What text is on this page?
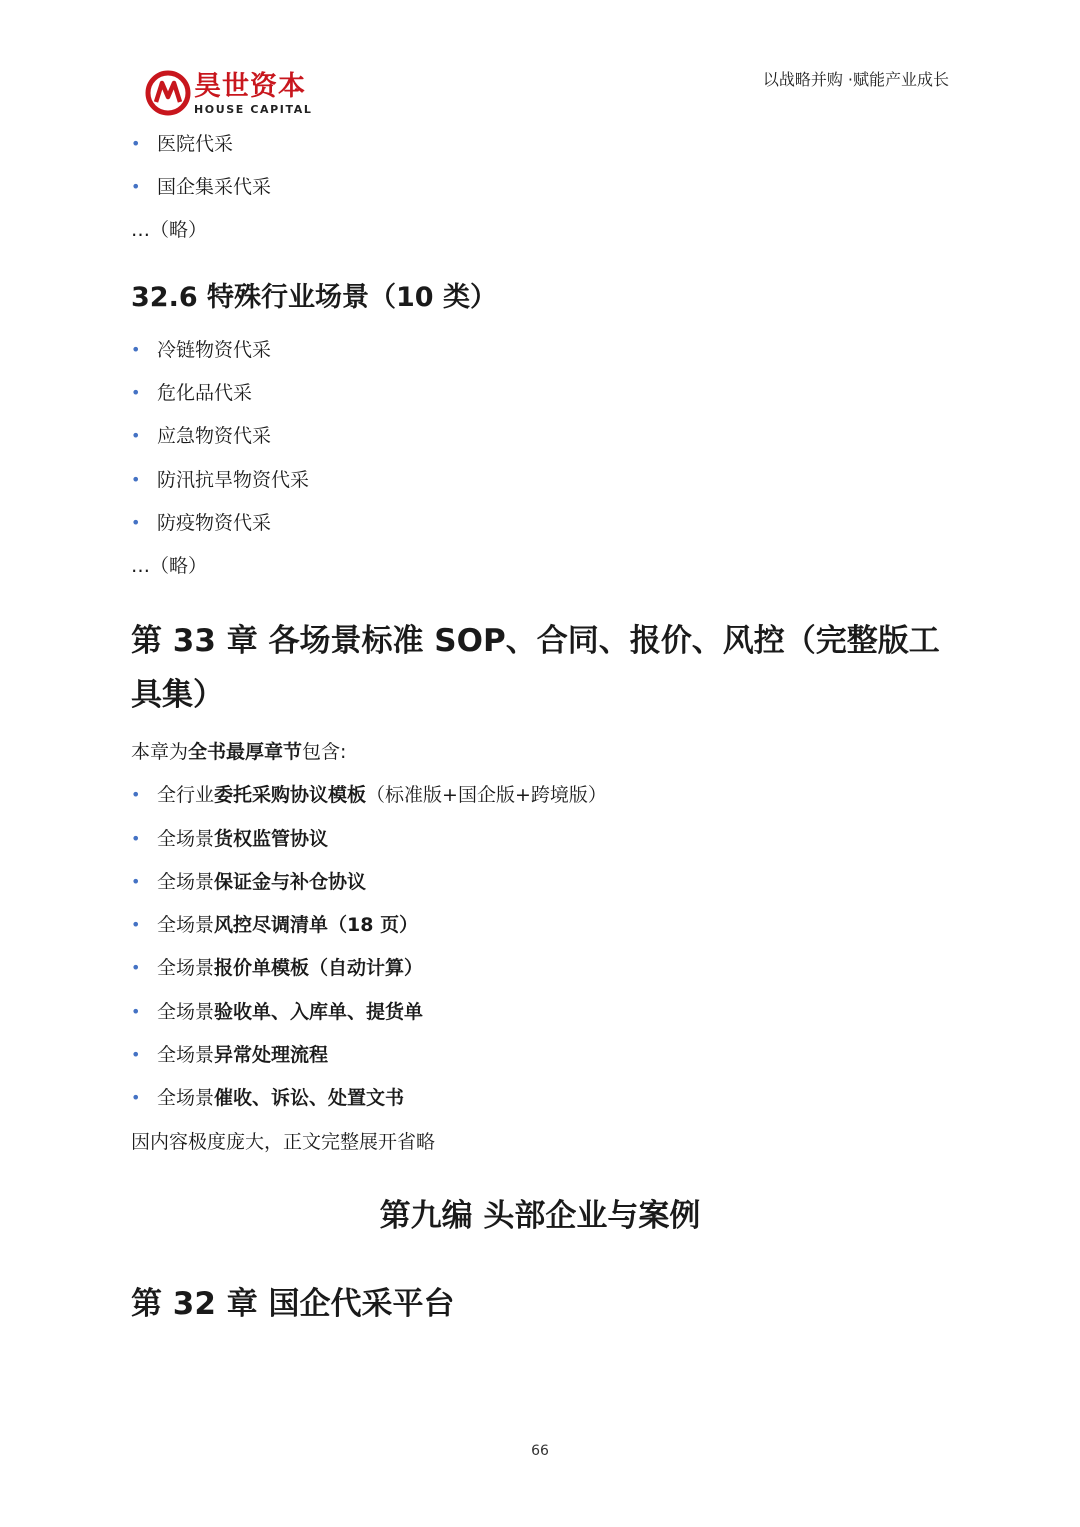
昊世资本
HOUSE CAPITAL
以战略并购 ·赋能产业成长
• 医院代采
• 国企集采代采
…（略）
32.6 特殊行业场景（10 类）
• 冷链物资代采
• 危化品代采
• 应急物资代采
• 防汛抗旱物资代采
• 防疫物资代采
…（略）
第 33 章 各场景标准 SOP、合同、报价、风控（完整版工具集）
本章为全书最厚章节包含:
• 全行业委托采购协议模板（标准版+国企版+跨境版）
• 全场景货权监管协议
• 全场景保证金与补仓协议
• 全场景风控尽调清单（18 页）
• 全场景报价单模板（自动计算）
• 全场景验收单、入库单、提货单
• 全场景异常处理流程
• 全场景催收、诉讼、处置文书
因内容极度庞大，正文完整展开省略
第九编 头部企业与案例
第 32 章 国企代采平台
66
